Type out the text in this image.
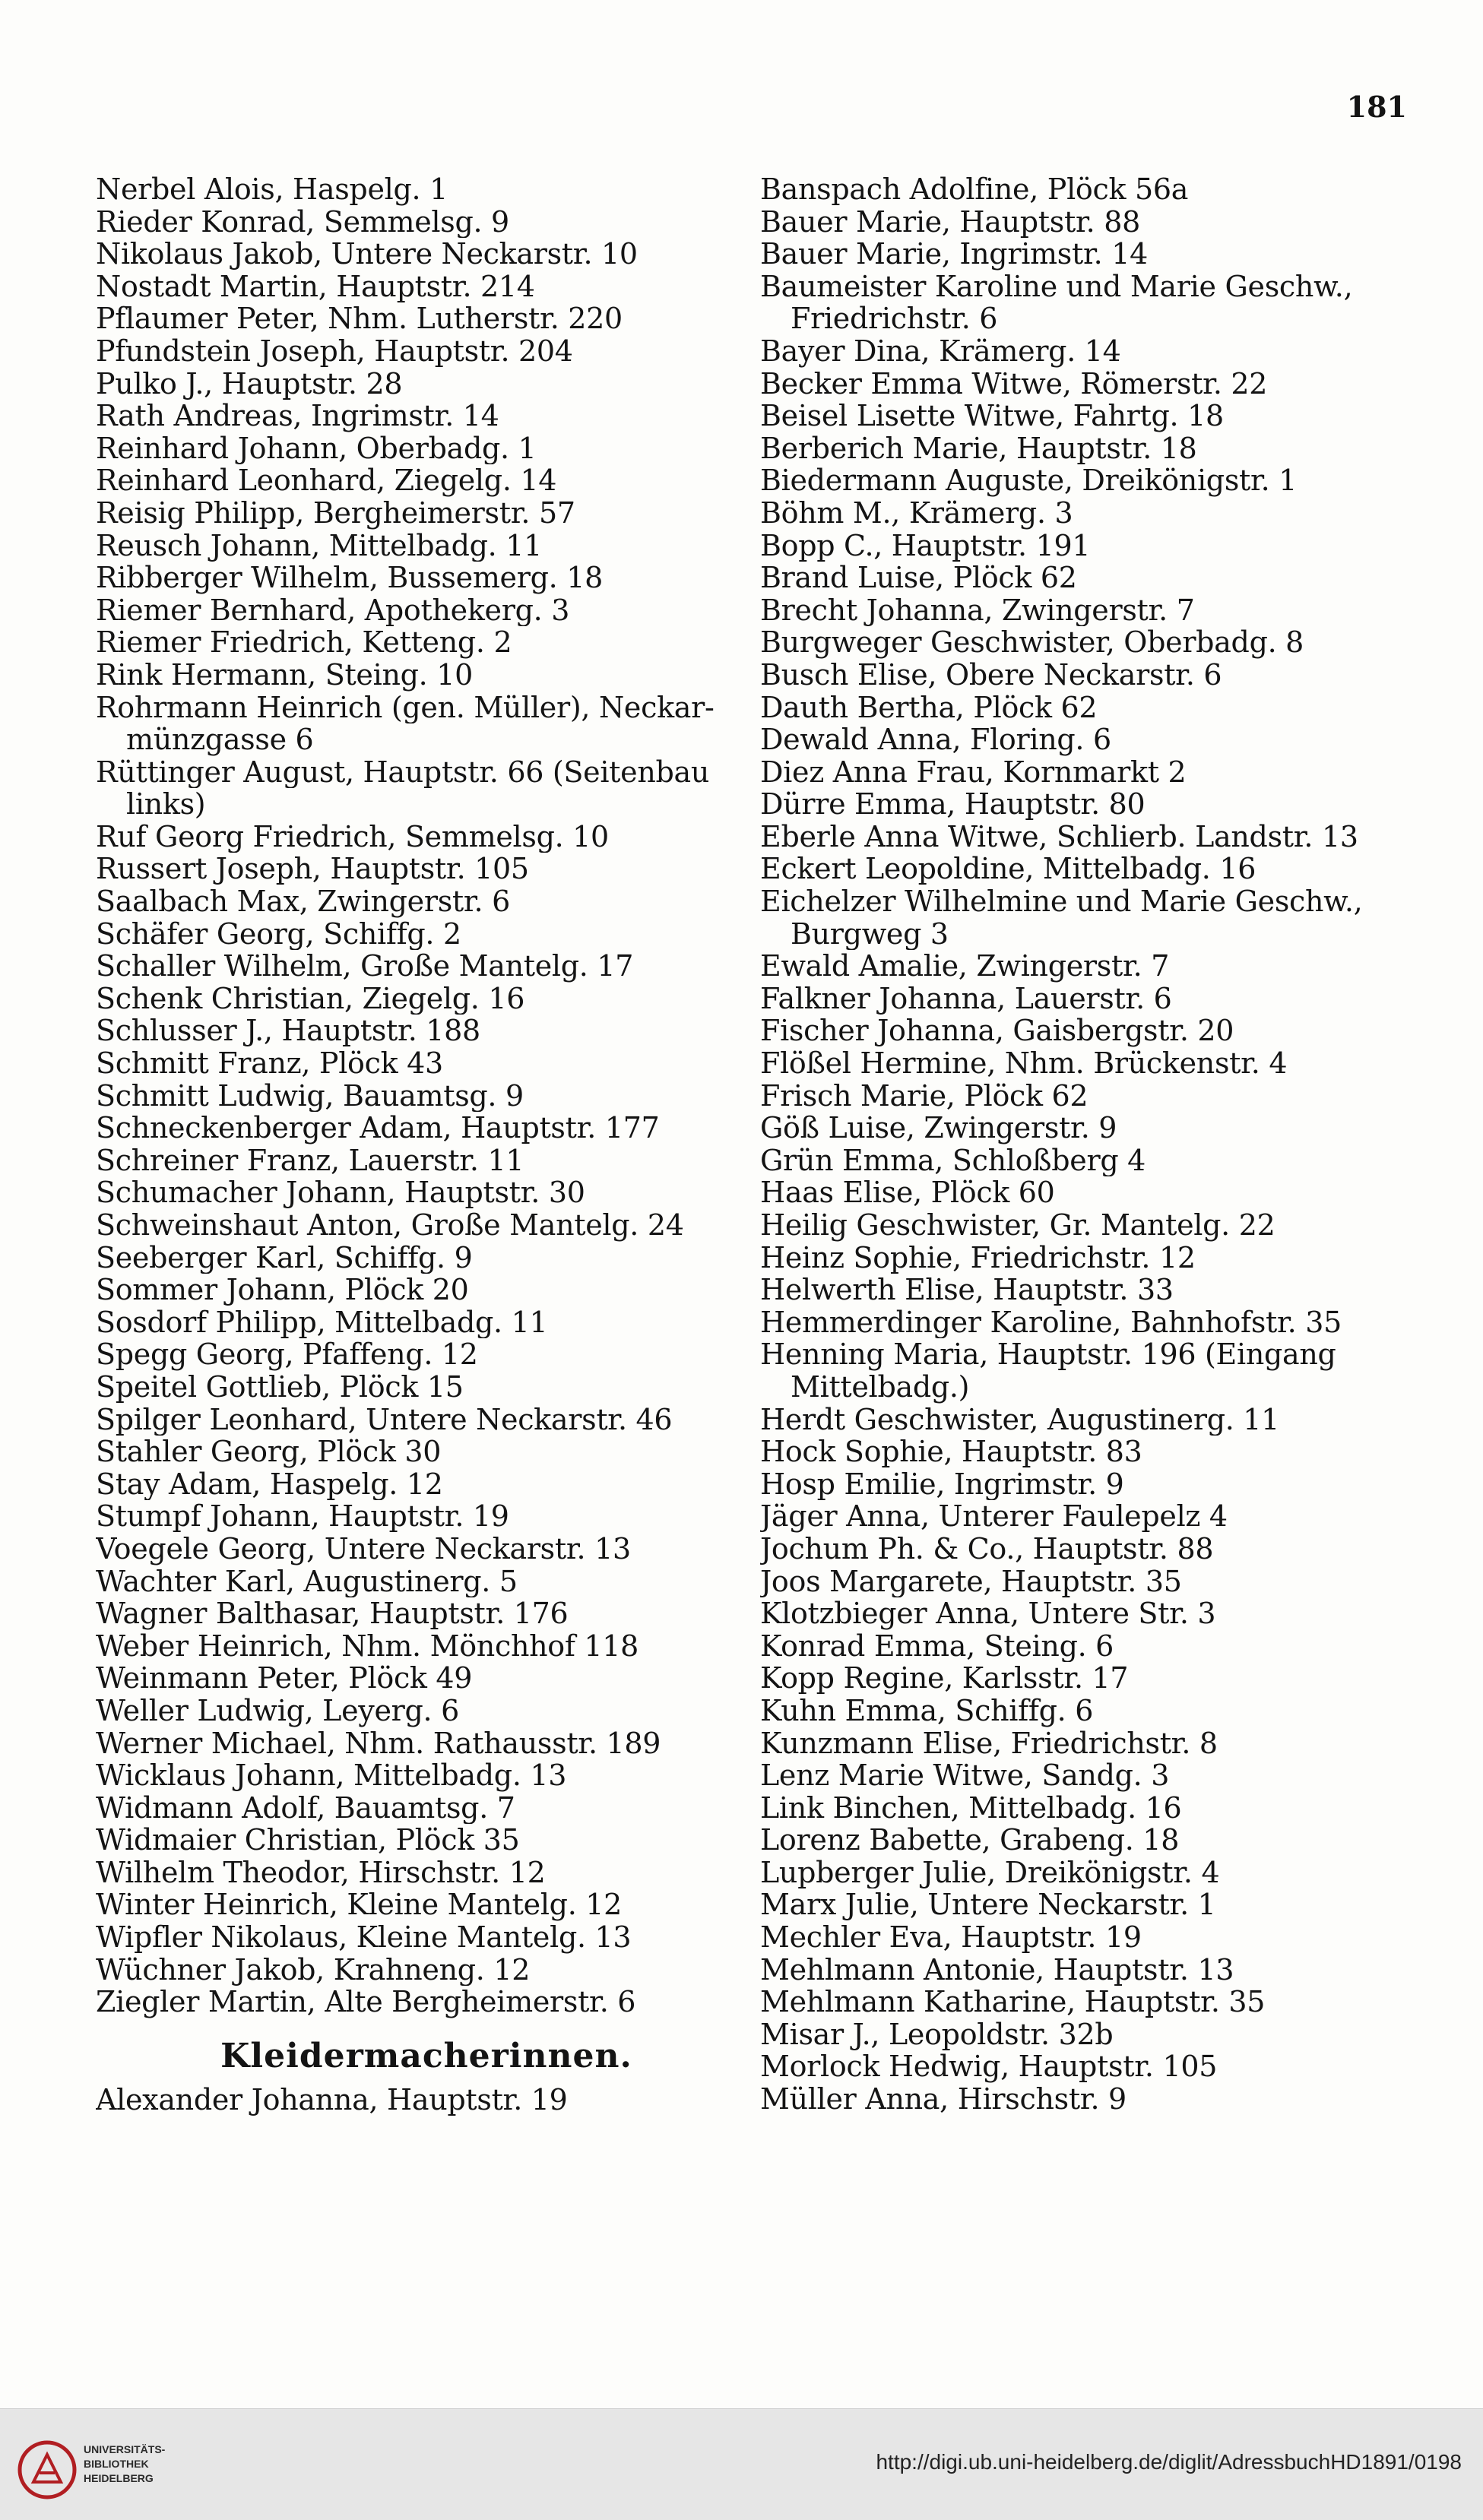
181
Nerbel Alois, Haspelg. 1
Rieder Konrad, Semmelsg. 9
Nikolaus Jakob, Untere Neckarstr. 10
Nostadt Martin, Hauptstr. 214
Pflaumer Peter, Nhm. Lutherstr. 220
Pfundstein Joseph, Hauptstr. 204
Pulko J., Hauptstr. 28
Rath Andreas, Ingrimstr. 14
Reinhard Johann, Oberbadg. 1
Reinhard Leonhard, Ziegelg. 14
Reisig Philipp, Bergheimerstr. 57
Reusch Johann, Mittelbadg. 11
Ribberger Wilhelm, Bussemerg. 18
Riemer Bernhard, Apothekerg. 3
Riemer Friedrich, Ketteng. 2
Rink Hermann, Steing. 10
Rohrmann Heinrich (gen. Müller), Neckar-
münzgasse 6
Rüttinger August, Hauptstr. 66 (Seitenbau
links)
Ruf Georg Friedrich, Semmelsg. 10
Russert Joseph, Hauptstr. 105
Saalbach Max, Zwingerstr. 6
Schäfer Georg, Schiffg. 2
Schaller Wilhelm, Große Mantelg. 17
Schenk Christian, Ziegelg. 16
Schlusser J., Hauptstr. 188
Schmitt Franz, Plöck 43
Schmitt Ludwig, Bauamtsg. 9
Schneckenberger Adam, Hauptstr. 177
Schreiner Franz, Lauerstr. 11
Schumacher Johann, Hauptstr. 30
Schweinshaut Anton, Große Mantelg. 24
Seeberger Karl, Schiffg. 9
Sommer Johann, Plöck 20
Sosdorf Philipp, Mittelbadg. 11
Spegg Georg, Pfaffeng. 12
Speitel Gottlieb, Plöck 15
Spilger Leonhard, Untere Neckarstr. 46
Stahler Georg, Plöck 30
Stay Adam, Haspelg. 12
Stumpf Johann, Hauptstr. 19
Voegele Georg, Untere Neckarstr. 13
Wachter Karl, Augustinerg. 5
Wagner Balthasar, Hauptstr. 176
Weber Heinrich, Nhm. Mönchhof 118
Weinmann Peter, Plöck 49
Weller Ludwig, Leyerg. 6
Werner Michael, Nhm. Rathausstr. 189
Wicklaus Johann, Mittelbadg. 13
Widmann Adolf, Bauamtsg. 7
Widmaier Christian, Plöck 35
Wilhelm Theodor, Hirschstr. 12
Winter Heinrich, Kleine Mantelg. 12
Wipfler Nikolaus, Kleine Mantelg. 13
Wüchner Jakob, Krahneng. 12
Ziegler Martin, Alte Bergheimerstr. 6
Kleidermacherinnen.
Alexander Johanna, Hauptstr. 19
Banspach Adolfine, Plöck 56a
Bauer Marie, Hauptstr. 88
Bauer Marie, Ingrimstr. 14
Baumeister Karoline und Marie Geschw.,
Friedrichstr. 6
Bayer Dina, Krämerg. 14
Becker Emma Witwe, Römerstr. 22
Beisel Lisette Witwe, Fahrtg. 18
Berberich Marie, Hauptstr. 18
Biedermann Auguste, Dreikönigstr. 1
Böhm M., Krämerg. 3
Bopp C., Hauptstr. 191
Brand Luise, Plöck 62
Brecht Johanna, Zwingerstr. 7
Burgweger Geschwister, Oberbadg. 8
Busch Elise, Obere Neckarstr. 6
Dauth Bertha, Plöck 62
Dewald Anna, Floring. 6
Diez Anna Frau, Kornmarkt 2
Dürre Emma, Hauptstr. 80
Eberle Anna Witwe, Schlierb. Landstr. 13
Eckert Leopoldine, Mittelbadg. 16
Eichelzer Wilhelmine und Marie Geschw.,
Burgweg 3
Ewald Amalie, Zwingerstr. 7
Falkner Johanna, Lauerstr. 6
Fischer Johanna, Gaisbergstr. 20
Flößel Hermine, Nhm. Brückenstr. 4
Frisch Marie, Plöck 62
Göß Luise, Zwingerstr. 9
Grün Emma, Schloßberg 4
Haas Elise, Plöck 60
Heilig Geschwister, Gr. Mantelg. 22
Heinz Sophie, Friedrichstr. 12
Helwerth Elise, Hauptstr. 33
Hemmerdinger Karoline, Bahnhofstr. 35
Henning Maria, Hauptstr. 196 (Eingang
Mittelbadg.)
Herdt Geschwister, Augustinerg. 11
Hock Sophie, Hauptstr. 83
Hosp Emilie, Ingrimstr. 9
Jäger Anna, Unterer Faulepelz 4
Jochum Ph. & Co., Hauptstr. 88
Joos Margarete, Hauptstr. 35
Klotzbieger Anna, Untere Str. 3
Konrad Emma, Steing. 6
Kopp Regine, Karlsstr. 17
Kuhn Emma, Schiffg. 6
Kunzmann Elise, Friedrichstr. 8
Lenz Marie Witwe, Sandg. 3
Link Binchen, Mittelbadg. 16
Lorenz Babette, Grabeng. 18
Lupberger Julie, Dreikönigstr. 4
Marx Julie, Untere Neckarstr. 1
Mechler Eva, Hauptstr. 19
Mehlmann Antonie, Hauptstr. 13
Mehlmann Katharine, Hauptstr. 35
Misar J., Leopoldstr. 32b
Morlock Hedwig, Hauptstr. 105
Müller Anna, Hirschstr. 9
UNIVERSITÄTS-
BIBLIOTHEK
HEIDELBERG
http://digi.ub.uni-heidelberg.de/diglit/AdressbuchHD1891/0198
